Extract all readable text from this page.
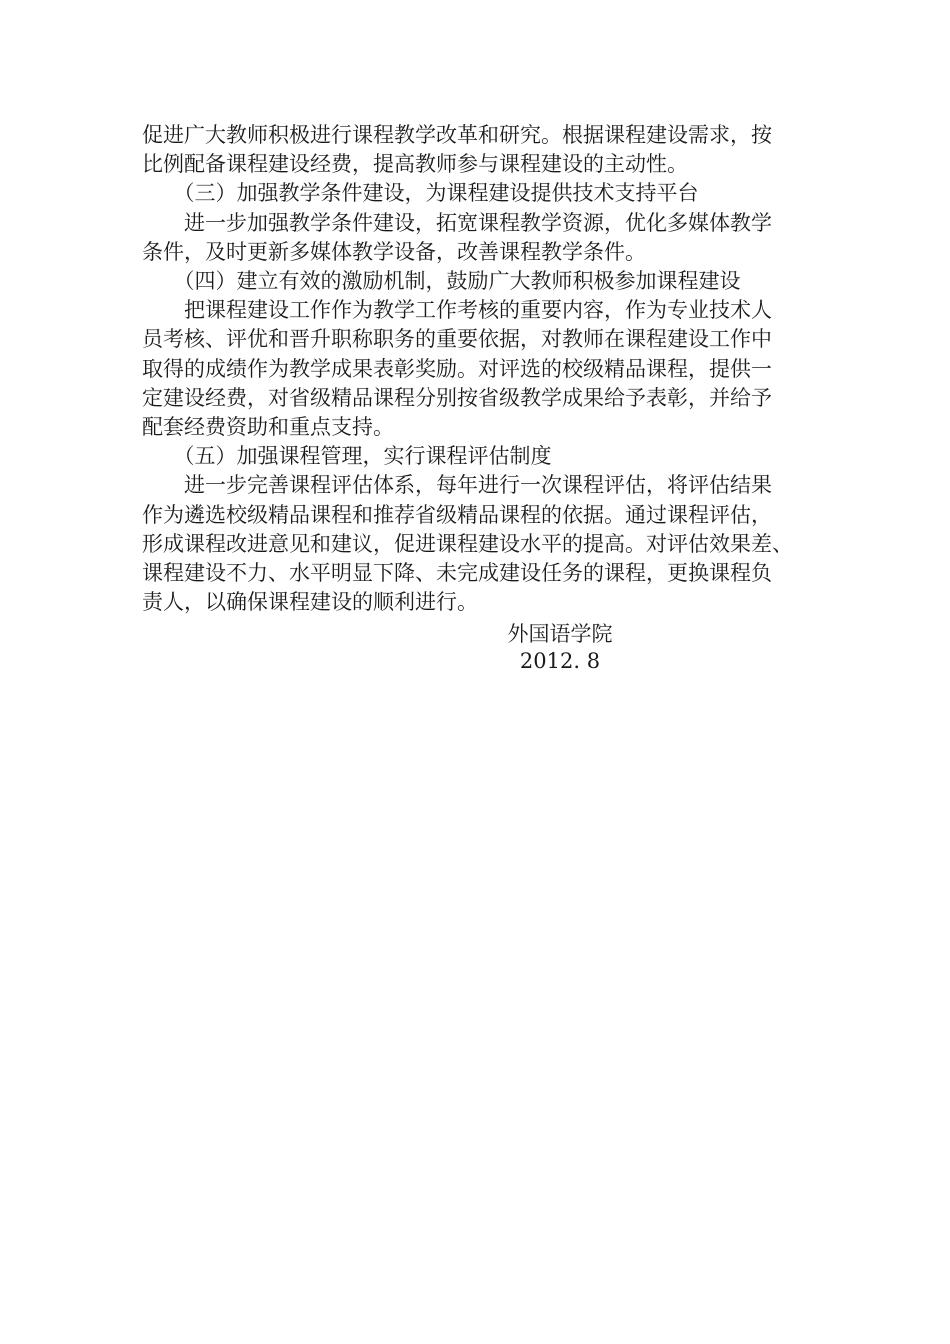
促进广大教师积极进行课程教学改革和研究。根据课程建设需求，按
比例配备课程建设经费，提高教师参与课程建设的主动性。
　　（三）加强教学条件建设，为课程建设提供技术支持平台
　　进一步加强教学条件建设，拓宽课程教学资源，优化多媒体教学
条件，及时更新多媒体教学设备，改善课程教学条件。
　　（四）建立有效的激励机制，鼓励广大教师积极参加课程建设
　　把课程建设工作作为教学工作考核的重要内容，作为专业技术人
员考核、评优和晋升职称职务的重要依据，对教师在课程建设工作中
取得的成绩作为教学成果表彰奖励。对评选的校级精品课程，提供一
定建设经费，对省级精品课程分别按省级教学成果给予表彰，并给予
配套经费资助和重点支持。
　　（五）加强课程管理，实行课程评估制度
　　进一步完善课程评估体系，每年进行一次课程评估，将评估结果
作为遴选校级精品课程和推荐省级精品课程的依据。通过课程评估，
形成课程改进意见和建议，促进课程建设水平的提高。对评估效果差、
课程建设不力、水平明显下降、未完成建设任务的课程，更换课程负
责人，以确保课程建设的顺利进行。
外国语学院
2012. 8
